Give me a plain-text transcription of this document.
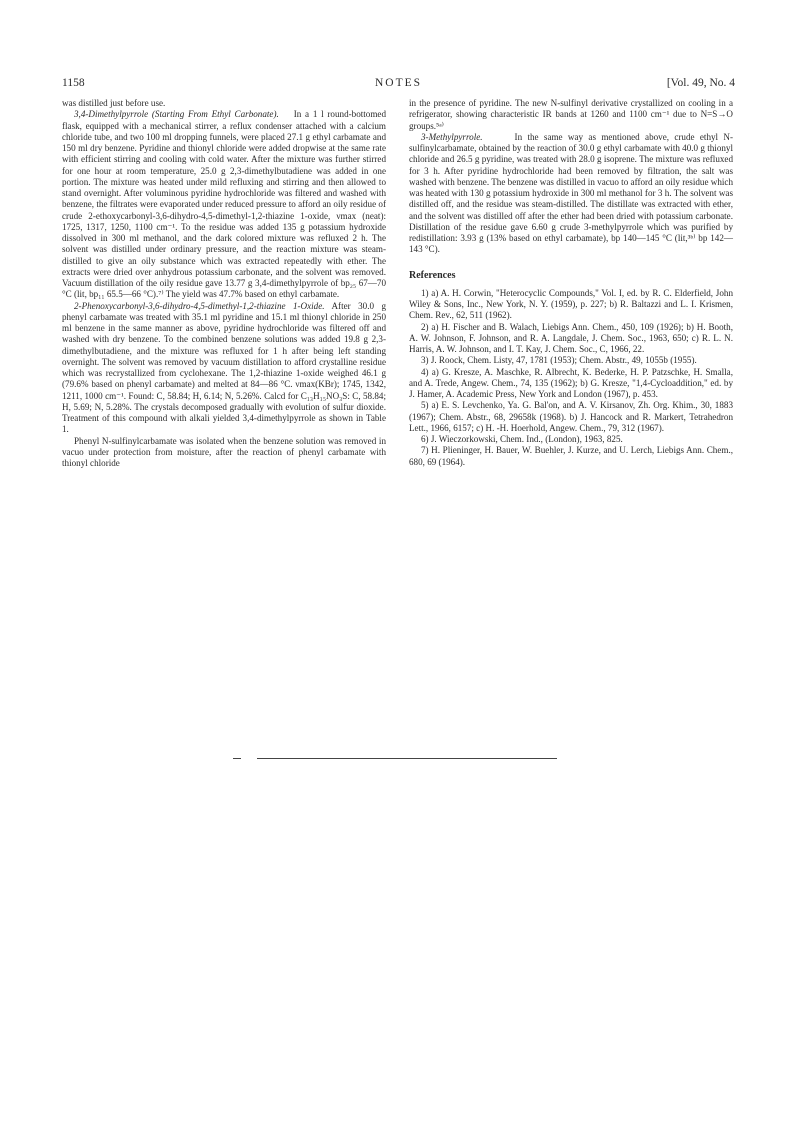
1158	NOTES	[Vol. 49, No. 4

was distilled just before use.

3,4-Dimethylpyrrole (Starting From Ethyl Carbonate). In a 1 l round-bottomed flask, equipped with a mechanical stirrer, a reflux condenser attached with a calcium chloride tube, and two 100 ml dropping funnels, were placed 27.1 g ethyl carbamate and 150 ml dry benzene. Pyridine and thionyl chloride were added dropwise at the same rate with efficient stirring and cooling with cold water. After the mixture was further stirred for one hour at room temperature, 25.0 g 2,3-dimethylbutadiene was added in one portion. The mixture was heated under mild refluxing and stirring and then allowed to stand overnight. After voluminous pyridine hydrochloride was filtered and washed with benzene, the filtrates were evaporated under reduced pressure to afford an oily residue of crude 2-ethoxycarbonyl-3,6-dihydro-4,5-dimethyl-1,2-thiazine 1-oxide, νmax (neat): 1725, 1317, 1250, 1100 cm⁻¹. To the residue was added 135 g potassium hydroxide dissolved in 300 ml methanol, and the dark colored mixture was refluxed 2 h. The solvent was distilled under ordinary pressure, and the reaction mixture was steam-distilled to give an oily substance which was extracted repeatedly with ether. The extracts were dried over anhydrous potassium carbonate, and the solvent was removed. Vacuum distillation of the oily residue gave 13.77 g 3,4-dimethylpyrrole of bp₂₅ 67—70 °C (lit, bp₁₁ 65.5—66 °C).⁷⁾ The yield was 47.7% based on ethyl carbamate.

2-Phenoxycarbonyl-3,6-dihydro-4,5-dimethyl-1,2-thiazine 1-Oxide. After 30.0 g phenyl carbamate was treated with 35.1 ml pyridine and 15.1 ml thionyl chloride in 250 ml benzene in the same manner as above, pyridine hydrochloride was filtered off and washed with dry benzene. To the combined benzene solutions was added 19.8 g 2,3-dimethylbutadiene, and the mixture was refluxed for 1 h after being left standing overnight. The solvent was removed by vacuum distillation to afford crystalline residue which was recrystallized from cyclohexane. The 1,2-thiazine 1-oxide weighed 46.1 g (79.6% based on phenyl carbamate) and melted at 84—86 °C. νmax(KBr); 1745, 1342, 1211, 1000 cm⁻¹. Found: C, 58.84; H, 6.14; N, 5.26%. Calcd for C₁₃H₁₅NO₃S: C, 58.84; H, 5.69; N, 5.28%. The crystals decomposed gradually with evolution of sulfur dioxide. Treatment of this compound with alkali yielded 3,4-dimethylpyrrole as shown in Table 1.

Phenyl N-sulfinylcarbamate was isolated when the benzene solution was removed in vacuo under protection from moisture, after the reaction of phenyl carbamate with thionyl chloride

in the presence of pyridine. The new N-sulfinyl derivative crystallized on cooling in a refrigerator, showing characteristic IR bands at 1260 and 1100 cm⁻¹ due to N=S→O groups.⁵ᵃ⁾

3-Methylpyrrole.	In the same way as mentioned above, crude ethyl N-sulfinylcarbamate, obtained by the reaction of 30.0 g ethyl carbamate with 40.0 g thionyl chloride and 26.5 g pyridine, was treated with 28.0 g isoprene. The mixture was refluxed for 3 h. After pyridine hydrochloride had been removed by filtration, the salt was washed with benzene. The benzene was distilled in vacuo to afford an oily residue which was heated with 130 g potassium hydroxide in 300 ml methanol for 3 h. The solvent was distilled off, and the residue was steam-distilled. The distillate was extracted with ether, and the solvent was distilled off after the ether had been dried with potassium carbonate. Distillation of the residue gave 6.60 g crude 3-methylpyrrole which was purified by redistillation: 3.93 g (13% based on ethyl carbamate), bp 140—145 °C (lit,³ᵇ⁾ bp 142—143 °C).

References

1) a) A. H. Corwin, "Heterocyclic Compounds," Vol. I, ed. by R. C. Elderfield, John Wiley & Sons, Inc., New York, N. Y. (1959), p. 227; b) R. Baltazzi and L. I. Krismen, Chem. Rev., 62, 511 (1962).

2) a) H. Fischer and B. Walach, Liebigs Ann. Chem., 450, 109 (1926); b) H. Booth, A. W. Johnson, F. Johnson, and R. A. Langdale, J. Chem. Soc., 1963, 650; c) R. L. N. Harris, A. W. Johnson, and I. T. Kay, J. Chem. Soc., C, 1966, 22.

3) J. Roock, Chem. Listy, 47, 1781 (1953); Chem. Abstr., 49, 1055b (1955).

4) a) G. Kresze, A. Maschke, R. Albrecht, K. Bederke, H. P. Patzschke, H. Smalla, and A. Trede, Angew. Chem., 74, 135 (1962); b) G. Kresze, "1,4-Cycloaddition," ed. by J. Hamer, A. Academic Press, New York and London (1967), p. 453.

5) a) E. S. Levchenko, Ya. G. Bal'on, and A. V. Kirsanov, Zh. Org. Khim., 30, 1883 (1967); Chem. Abstr., 68, 29658k (1968). b) J. Hancock and R. Markert, Tetrahedron Lett., 1966, 6157; c) H. -H. Hoerhold, Angew. Chem., 79, 312 (1967).

6) J. Wieczorkowski, Chem. Ind., (London), 1963, 825.

7) H. Plieninger, H. Bauer, W. Buehler, J. Kurze, and U. Lerch, Liebigs Ann. Chem., 680, 69 (1964).
